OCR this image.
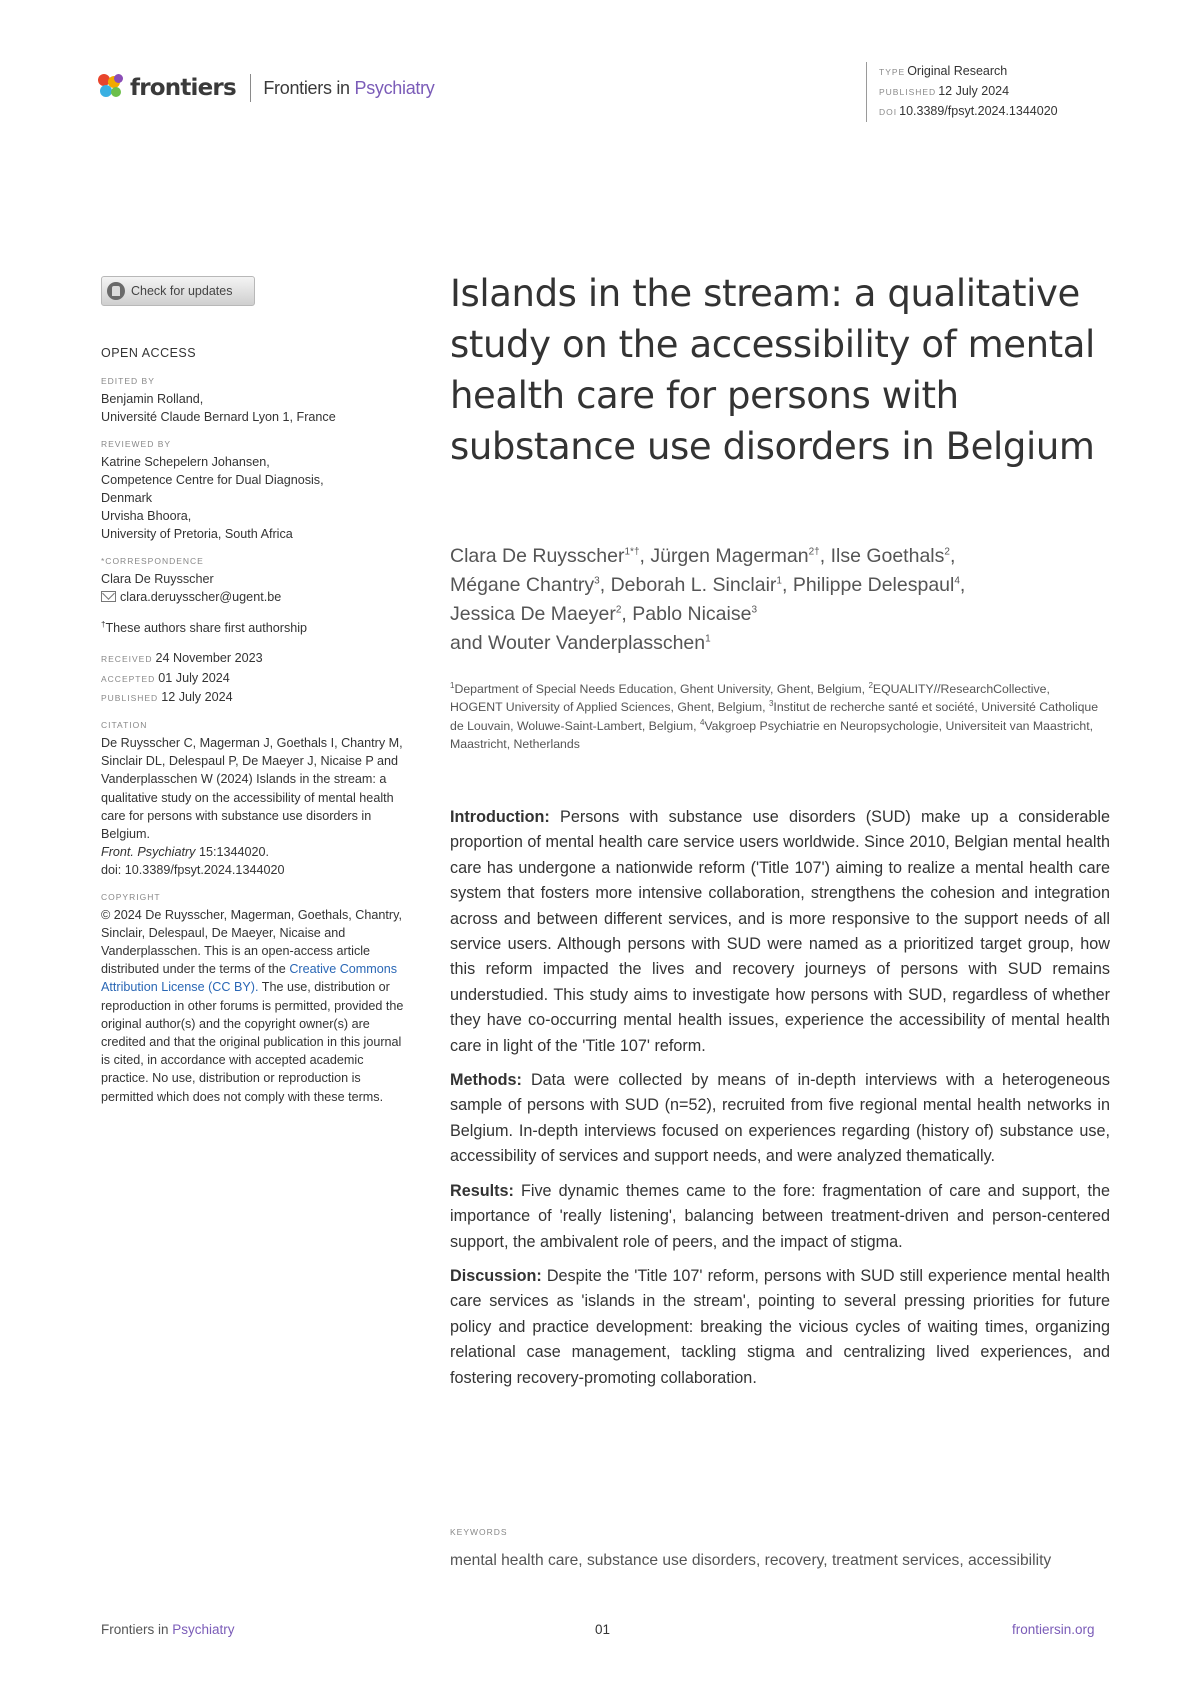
frontiers Frontiers in Psychiatry
TYPE Original Research
PUBLISHED 12 July 2024
DOI 10.3389/fpsyt.2024.1344020
Check for updates
OPEN ACCESS
EDITED BY
Benjamin Rolland,
Université Claude Bernard Lyon 1, France
REVIEWED BY
Katrine Schepelern Johansen,
Competence Centre for Dual Diagnosis,
Denmark
Urvisha Bhoora,
University of Pretoria, South Africa
*CORRESPONDENCE
Clara De Ruysscher
clara.deruysscher@ugent.be
†These authors share first authorship
RECEIVED 24 November 2023
ACCEPTED 01 July 2024
PUBLISHED 12 July 2024
CITATION
De Ruysscher C, Magerman J, Goethals I, Chantry M, Sinclair DL, Delespaul P, De Maeyer J, Nicaise P and Vanderplasschen W (2024) Islands in the stream: a qualitative study on the accessibility of mental health care for persons with substance use disorders in Belgium.
Front. Psychiatry 15:1344020.
doi: 10.3389/fpsyt.2024.1344020
COPYRIGHT
© 2024 De Ruysscher, Magerman, Goethals, Chantry, Sinclair, Delespaul, De Maeyer, Nicaise and Vanderplasschen. This is an open-access article distributed under the terms of the Creative Commons Attribution License (CC BY). The use, distribution or reproduction in other forums is permitted, provided the original author(s) and the copyright owner(s) are credited and that the original publication in this journal is cited, in accordance with accepted academic practice. No use, distribution or reproduction is permitted which does not comply with these terms.
Islands in the stream: a qualitative study on the accessibility of mental health care for persons with substance use disorders in Belgium
Clara De Ruysscher$^{1*\dagger}$, Jürgen Magerman$^{2\dagger}$, Ilse Goethals$^2$,
Mégane Chantry$^3$, Deborah L. Sinclair$^1$, Philippe Delespaul$^4$,
Jessica De Maeyer$^2$, Pablo Nicaise$^3$
and Wouter Vanderplasschen$^1$
$^1$Department of Special Needs Education, Ghent University, Ghent, Belgium, $^2$EQUALITY//ResearchCollective, HOGENT University of Applied Sciences, Ghent, Belgium, $^3$Institut de recherche santé et société, Université Catholique de Louvain, Woluwe-Saint-Lambert, Belgium, $^4$Vakgroep Psychiatrie en Neuropsychologie, Universiteit van Maastricht, Maastricht, Netherlands

Introduction: Persons with substance use disorders (SUD) make up a considerable proportion of mental health care service users worldwide. Since 2010, Belgian mental health care has undergone a nationwide reform ('Title 107') aiming to realize a mental health care system that fosters more intensive collaboration, strengthens the cohesion and integration across and between different services, and is more responsive to the support needs of all service users. Although persons with SUD were named as a prioritized target group, how this reform impacted the lives and recovery journeys of persons with SUD remains understudied. This study aims to investigate how persons with SUD, regardless of whether they have co-occurring mental health issues, experience the accessibility of mental health care in light of the 'Title 107' reform.

Methods: Data were collected by means of in-depth interviews with a heterogeneous sample of persons with SUD (n=52), recruited from five regional mental health networks in Belgium. In-depth interviews focused on experiences regarding (history of) substance use, accessibility of services and support needs, and were analyzed thematically.

Results: Five dynamic themes came to the fore: fragmentation of care and support, the importance of 'really listening', balancing between treatment-driven and person-centered support, the ambivalent role of peers, and the impact of stigma.

Discussion: Despite the 'Title 107' reform, persons with SUD still experience mental health care services as 'islands in the stream', pointing to several pressing priorities for future policy and practice development: breaking the vicious cycles of waiting times, organizing relational case management, tackling stigma and centralizing lived experiences, and fostering recovery-promoting collaboration.

KEYWORDS
mental health care, substance use disorders, recovery, treatment services, accessibility
Frontiers in Psychiatry	01	frontiersin.org
